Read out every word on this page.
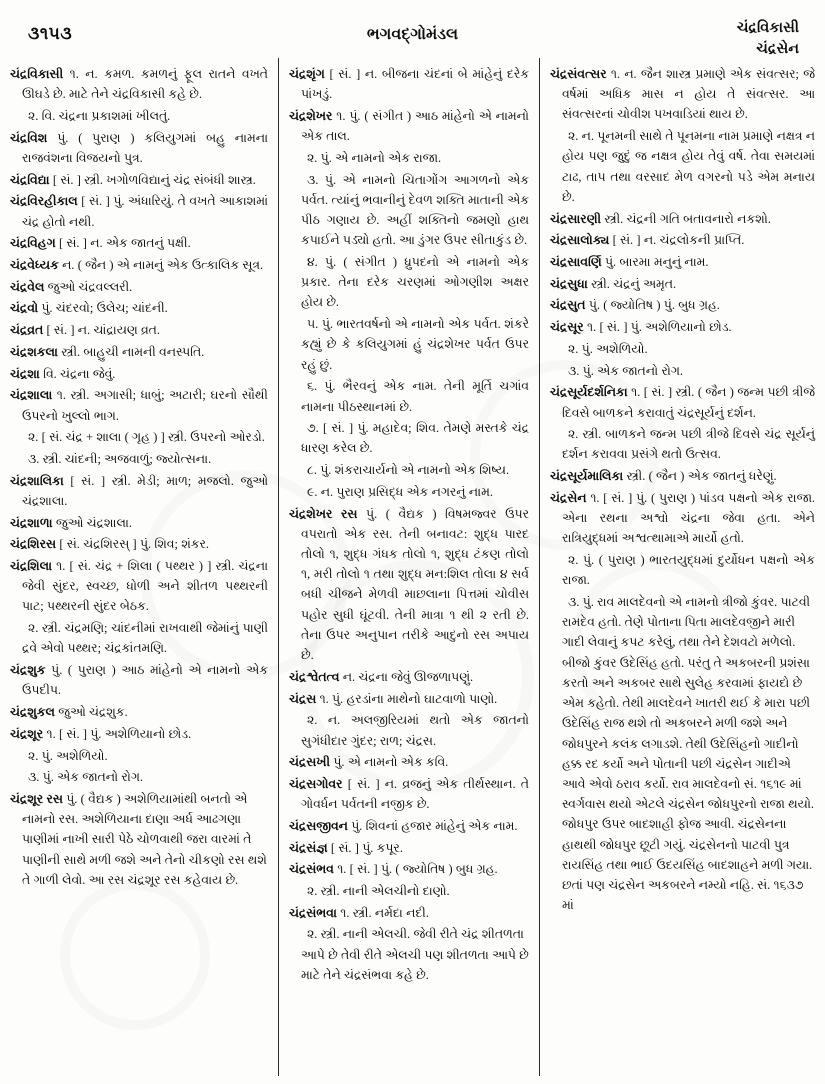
૩૧૫૩	ભગવદ્ગોમંડલ	ચંદ્રવિકાસી
ચંદ્રસેન

ચંદ્રવિકાસી ૧. ન. કમળ. કમળનું ફૂલ રાતને વખતે ઊઘડે છે. માટે તેને ચંદ્રવિકાસી કહે છે.

૨. વિ. ચંદ્રના પ્રકાશમાં ખીલતું.

ચંદ્રવિશ પું. ( પુરાણ ) કલિયુગમાં બહુ નામના રાજવંશના વિજયનો પુત્ર.

ચંદ્રવિદ્યા [ સં. ] સ્ત્રી. ખગોળવિદ્યાનું ચંદ્ર સંબંધી શાસ્ત્ર.

ચંદ્રવિરહીકાલ [ સં. ] પું. અંધારિયું. તે વખતે આકાશમાં ચંદ્ર હોતો નથી.

ચંદ્રવિહગ [ સં. ] ન. એક જાતનું પક્ષી.

ચંદ્રવેધ્યક ન. ( જૈન ) એ નામનું એક ઉત્કાલિક સૂત્ર.

ચંદ્રવેલ જુઓ ચંદ્રવલ્લરી.

ચંદ્રવો પું. ચંદરવો; ઉલેચ; ચાંદની.

ચંદ્રવ્રત [ સં. ] ન. ચાંદ્રાયણ વ્રત.

ચંદ્રશકલા સ્ત્રી. બાહુચી નામની વનસ્પતિ.

ચંદ્રશા વિ. ચંદ્રના જેવું.

ચંદ્રશાલા ૧. સ્ત્રી. અગાસી; ધાબું; અટારી; ઘરનો સૌથી ઉપરનો ખુલ્લો ભાગ.

૨. [ સં. ચંદ્ર + શાલા ( ગૃહ ) ] સ્ત્રી. ઉપરનો ઓરડો.

૩. સ્ત્રી. ચાંદની; અજવાળું; જ્યોત્સના.

ચંદ્રશાલિકા [ સં. ] સ્ત્રી. મેડી; માળ; મજલો. જુઓ ચંદ્રશાલા.

ચંદ્રશાળા જુઓ ચંદ્રશાલા.

ચંદ્રશિરસ [ સં. ચંદ્રશિરસ્ ] પું. શિવ; શંકર.

ચંદ્રશિલા ૧. [ સં. ચંદ્ર + શિલા ( પથ્થર ) ] સ્ત્રી. ચંદ્રના જેવી સુંદર, સ્વચ્છ, ધોળી અને શીતળ પથ્થરની પાટ; પથ્થરની સુંદર બેઠક.

૨. સ્ત્રી. ચંદ્રમણિ; ચાંદનીમાં રાખવાથી જેમાંનું પાણી દ્રવે એવો પથ્થર; ચંદ્રકાંતમણિ.

ચંદ્રશુક પું. ( પુરાણ ) આઠ માંહેનો એ નામનો એક ઉપદીપ.

ચંદ્રશુકલ જુઓ ચંદ્રશુક.

ચંદ્રશૂર ૧. [ સં. ] પું. અશેળિયાનો છોડ.

૨. પું. અશેળિયો.

૩. પું. એક જાતનો રોગ.

ચંદ્રશૂર રસ પું. ( વૈદ્યક ) અશેળિયામાંથી બનતો એ નામનો રસ. અશેળિયાના દાણા અર્ધ આઢગણા પાણીમાં નાખી સારી પેઠે ચોળવાથી જરા વારમાં તે પાણીની સાથે મળી જશે અને તેનો ચીકણો રસ થશે તે ગાળી લેવો. આ રસ ચંદ્રશૂર રસ કહેવાય છે.

ચંદ્રશૃંગ [ સં. ] ન. બીજના ચંદનાં બે માંહેનું દરેક પાંખડું.

ચંદ્રશેખર ૧. પું. ( સંગીત ) આઠ માંહેનો એ નામનો એક તાલ.

૨. પું. એ નામનો એક રાજા.

૩. પું. એ નામનો ચિતાગોંગ આગળનો એક પર્વત. ત્યાંનું ભવાનીનું દેવળ શક્તિ માતાની એક પીઠ ગણાય છે. અહીં શક્તિનો જમણો હાથ કપાઈને પડ્યો હતો. આ ડુંગર ઉપર સીતાકુંડ છે.

૪. પું. ( સંગીત ) ધ્રુપદનો એ નામનો એક પ્રકાર. તેના દરેક ચરણમાં ઓગણીશ અક્ષર હોય છે.

૫. પું. ભારતવર્ષનો એ નામનો એક પર્વત. શંકરે કહ્યું છે કે કલિયુગમાં હું ચંદ્રશેખર પર્વત ઉપર રહું છું.

૬. પું. ભૈરવનું એક નામ. તેની મૂર્તિ ચગાંવ નામના પીઠસ્થાનમાં છે.

૭. [ સં. ] પું. મહાદેવ; શિવ. તેમણે મસ્તકે ચંદ્ર ધારણ કરેલ છે.

૮. પું. શંકરાચાર્યનો એ નામનો એક શિષ્ય.

૯. ન. પુરાણ પ્રસિદ્ધ એક નગરનું નામ.

ચંદ્રશેખર રસ પું. ( વૈદ્યક ) વિષમજ્વર ઉપર વપરાતો એક રસ. તેની બનાવટ: શુદ્ધ પારદ તોલો ૧, શુદ્ધ ગંધક તોલો ૧, શુદ્ધ ટંકણ તોલો ૧, મરી તોલો ૧ તથા શુદ્ધ મન:શિલ તોલા ૪ સર્વ બધી ચીજને મેળવી માછલાના પિત્તમાં ચોવીસ પહોર સુધી ઘૂંટવી. તેની માત્રા ૧ થી ૨ રતી છે. તેના ઉપર અનુપાન તરીકે આદુનો રસ અપાય છે.

ચંદ્રશ્વેતત્વ ન. ચંદ્રના જેવું ઊજળાપણું.

ચંદ્રસ ૧. પું. હરડાંના માથેનો ઘાટવાળો પાણો.

૨. ન. અલજીરિયમાં થતો એક જાતનો સુગંધીદાર ગુંદર; રાળ; ચંદ્રસ.

ચંદ્રસખી પું. એ નામનો એક કવિ.

ચંદ્રસગોવર [ સં. ] ન. વ્રજનું એક તીર્થસ્થાન. તે ગોવર્ધન પર્વતની નજીક છે.

ચંદ્રસજીવન પું. શિવનાં હજાર માંહેનું એક નામ.

ચંદ્રસંજ્ઞ [ સં. ] પું. કપૂર.

ચંદ્રસંભવ ૧. [ સં. ] પું. ( જ્યોતિષ ) બુધ ગ્રહ.

૨. સ્ત્રી. નાની એલચીનો દાણો.

ચંદ્રસંભવા ૧. સ્ત્રી. નર્મદા નદી.

૨. સ્ત્રી. નાની એલચી. જેવી રીતે ચંદ્ર શીતળતા આપે છે તેવી રીતે એલચી પણ શીતળતા આપે છે માટે તેને ચંદ્રસંભવા કહે છે.

ચંદ્રસંવત્સર ૧. ન. જૈન શાસ્ત્ર પ્રમાણે એક સંવત્સર; જે વર્ષમાં અધિક માસ ન હોય તે સંવત્સર. આ સંવત્સરનાં ચોવીશ પખવાડિયાં થાય છે.

૨. ન. પૂનમની સાથે તે પૂનમના નામ પ્રમાણે નક્ષત્ર ન હોય પણ જુદું જ નક્ષત્ર હોય તેવું વર્ષ. તેવા સમયમાં ટાઢ, તાપ તથા વરસાદ મેળ વગરનો પડે એમ મનાય છે.

ચંદ્રસારણી સ્ત્રી. ચંદ્રની ગતિ બતાવનારો નકશો.

ચંદ્રસાલોક્ય [ સં. ] ન. ચંદ્રલોકની પ્રાપ્તિ.

ચંદ્રસાવર્ણિ પું. બારમા મનુનું નામ.

ચંદ્રસુધા સ્ત્રી. ચંદ્રનું અમૃત.

ચંદ્રસુત પું. ( જ્યોતિષ ) પું. બુધ ગ્રહ.

ચંદ્રસૂર ૧. [ સં. ] પું. અશેળિયાનો છોડ.

૨. પું. અશેળિયો.

૩. પું. એક જાતનો રોગ.

ચંદ્રસૂર્યદર્શનિકા ૧. [ સં. ] સ્ત્રી. ( જૈન ) જન્મ પછી ત્રીજે દિવસે બાળકને કરાવાતું ચંદ્રસૂર્યનું દર્શન.

૨. સ્ત્રી. બાળકને જન્મ પછી ત્રીજે દિવસે ચંદ્ર સૂર્યનું દર્શન કરાવવા પ્રસંગે થતો ઉત્સવ.

ચંદ્રસૂર્યમાલિકા સ્ત્રી. ( જૈન ) એક જાતનું ધરેણું.

ચંદ્રસેન ૧. [ સં. ] પું. ( પુરાણ ) પાંડવ પક્ષનો એક રાજા. એના રથના અશ્વો ચંદ્રના જેવા હતા. એને રાત્રિયુદ્ધમાં અશ્વત્થામાએ માર્યો હતો.

૨. પું. ( પુરાણ ) ભારતયુદ્ધમાં દુર્યોધન પક્ષનો એક રાજા.

૩. પું. રાવ માલદેવનો એ નામનો ત્રીજો કુંવર. પાટવી રામદેવ હતો. તેણે પોતાના પિતા માલદેવજીને મારી ગાદી લેવાનું કપટ કરેલું, તથા તેને દેશવટો મળેલો. બીજો કુંવર ઉદેસિંહ હતો. પરંતુ તે અકબરની પ્રશંસા કરતો અને અકબર સાથે સુલેહ કરવામાં ફાયદો છે એમ કહેતો. તેથી માલદેવને ખાતરી થઈ કે મારા પછી ઉદેસિંહ રાજ થશે તો અકબરને મળી જશે અને જોધપુરને કલંક લગાડશે. તેથી ઉદેસિંહનો ગાદીનો હક્ક રદ કર્યો અને પોતાની પછી ચંદ્રસેન ગાદીએ આવે એવો ઠરાવ કર્યો. રાવ માલદેવનો સં. ૧૬૧૯ માં સ્વર્ગવાસ થયો એટલે ચંદ્રસેન જોધપુરનો રાજા થયો. જોધપુર ઉપર બાદશાહી ફોજ આવી. ચંદ્રસેનના હાથથી જોધપુર છૂટી ગયું. ચંદ્રસેનનો પાટવી પુત્ર રાયસિંહ તથા ભાઈ ઉદયસિંહ બાદશાહને મળી ગયા. છતાં પણ ચંદ્રસેન અકબરને નમ્યો નહિ. સં. ૧૬૩૭ માં
